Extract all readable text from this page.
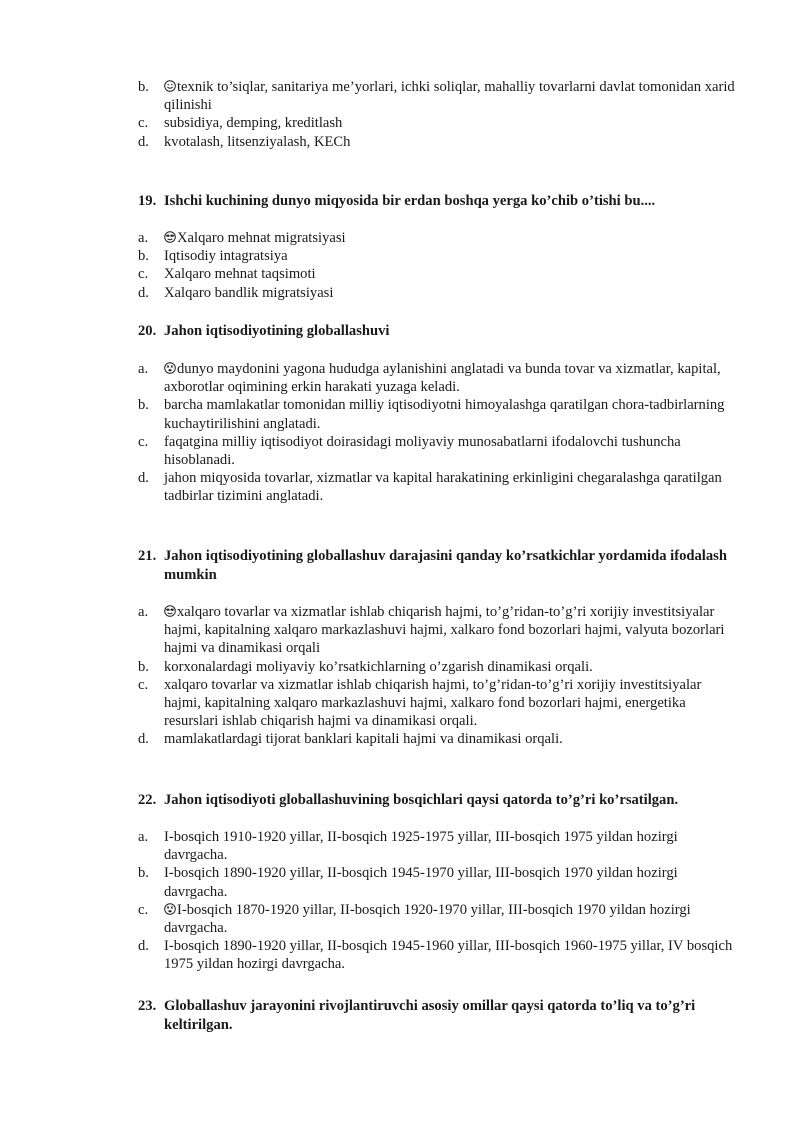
b. texnik to’siqlar, sanitariya me’yorlari, ichki soliqlar, mahalliy tovarlarni davlat tomonidan xarid qilinishi
c. subsidiya, demping, kreditlash
d. kvotalash, litsenziyalash, KECh
19. Ishchi kuchining dunyo miqyosida bir erdan boshqa yerga ko’chib o’tishi bu....
a. Xalqaro mehnat migratsiyasi
b. Iqtisodiy intagratsiya
c. Xalqaro mehnat taqsimoti
d. Xalqaro bandlik migratsiyasi
20. Jahon iqtisodiyotining globallashuvi
a. dunyo maydonini yagona hududga aylanishini anglatadi va bunda tovar va xizmatlar, kapital, axborotlar oqimining erkin harakati yuzaga keladi.
b. barcha mamlakatlar tomonidan milliy iqtisodiyotni himoyalashga qaratilgan chora-tadbirlarning kuchaytirilishini anglatadi.
c. faqatgina milliy iqtisodiyot doirasidagi moliyaviy munosabatlarni ifodalovchi tushuncha hisoblanadi.
d. jahon miqyosida tovarlar, xizmatlar va kapital harakatining erkinligini chegaralashga qaratilgan tadbirlar tizimini anglatadi.
21. Jahon iqtisodiyotining globallashuv darajasini qanday ko’rsatkichlar yordamida ifodalash mumkin
a. xalqaro tovarlar va xizmatlar ishlab chiqarish hajmi, to’g’ridan-to’g’ri xorijiy investitsiyalar hajmi, kapitalning xalqaro markazlashuvi hajmi, xalkaro fond bozorlari hajmi, valyuta bozorlari hajmi va dinamikasi orqali
b. korxonalardagi moliyaviy ko’rsatkichlarning o’zgarish dinamikasi orqali.
c. xalqaro tovarlar va xizmatlar ishlab chiqarish hajmi, to’g’ridan-to’g’ri xorijiy investitsiyalar hajmi, kapitalning xalqaro markazlashuvi hajmi, xalkaro fond bozorlari hajmi, energetika resurslari ishlab chiqarish hajmi va dinamikasi orqali.
d. mamlakatlardagi tijorat banklari kapitali hajmi va dinamikasi orqali.
22. Jahon iqtisodiyoti globallashuvining bosqichlari qaysi qatorda to’g’ri ko’rsatilgan.
a. I-bosqich 1910-1920 yillar, II-bosqich 1925-1975 yillar, III-bosqich 1975 yildan hozirgi davrgacha.
b. I-bosqich 1890-1920 yillar, II-bosqich 1945-1970 yillar, III-bosqich 1970 yildan hozirgi davrgacha.
c. I-bosqich 1870-1920 yillar, II-bosqich 1920-1970 yillar, III-bosqich 1970 yildan hozirgi davrgacha.
d. I-bosqich 1890-1920 yillar, II-bosqich 1945-1960 yillar, III-bosqich 1960-1975 yillar, IV bosqich 1975 yildan hozirgi davrgacha.
23. Globallashuv jarayonini rivojlantiruvchi asosiy omillar qaysi qatorda to’liq va to’g’ri keltirilgan.
